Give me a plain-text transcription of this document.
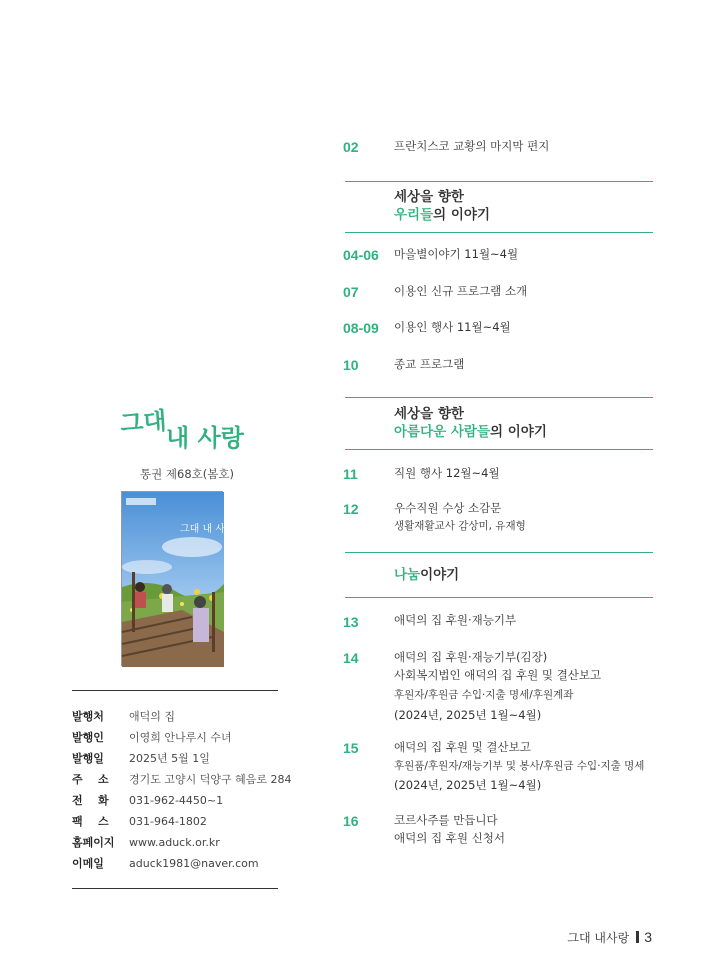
02	프란치스코 교황의 마지막 편지
세상을 향한
우리들의 이야기
04-06 마을별이야기 11월~4월
07	이용인 신규 프로그램 소개
08-09 이용인 행사 11월~4월
10	종교 프로그램
세상을 향한
아름다운 사람들의 이야기
11	직원 행사 12월~4월
12	우수직원 수상 소감문
생활재활교사 감상미, 유재형
나눔이야기
13	애덕의 집 후원·재능기부
14	애덕의 집 후원·재능기부(김장)
사회복지법인 애덕의 집 후원 및 결산보고
후원자/후원금 수입·지출 명세/후원계좌
(2024년, 2025년 1월~4월)
15	애덕의 집 후원 및 결산보고
후원품/후원자/재능기부 및 봉사/후원금 수입·지출 명세
(2024년, 2025년 1월~4월)
16	코르사주를 만듭니다
애덕의 집 후원 신청서
그대
내 사랑
통권 제68호(봄호)
그대 내 사랑
발행처	애덕의 집
발행인	이영희 안나루시 수녀
발행일	2025년 5월 1일
주    소	경기도 고양시 덕양구 혜음로 284
전    화	031-962-4450~1
팩    스	031-964-1802
홈페이지	www.aduck.or.kr
이메일	aduck1981@naver.com
그대 내사랑 3
